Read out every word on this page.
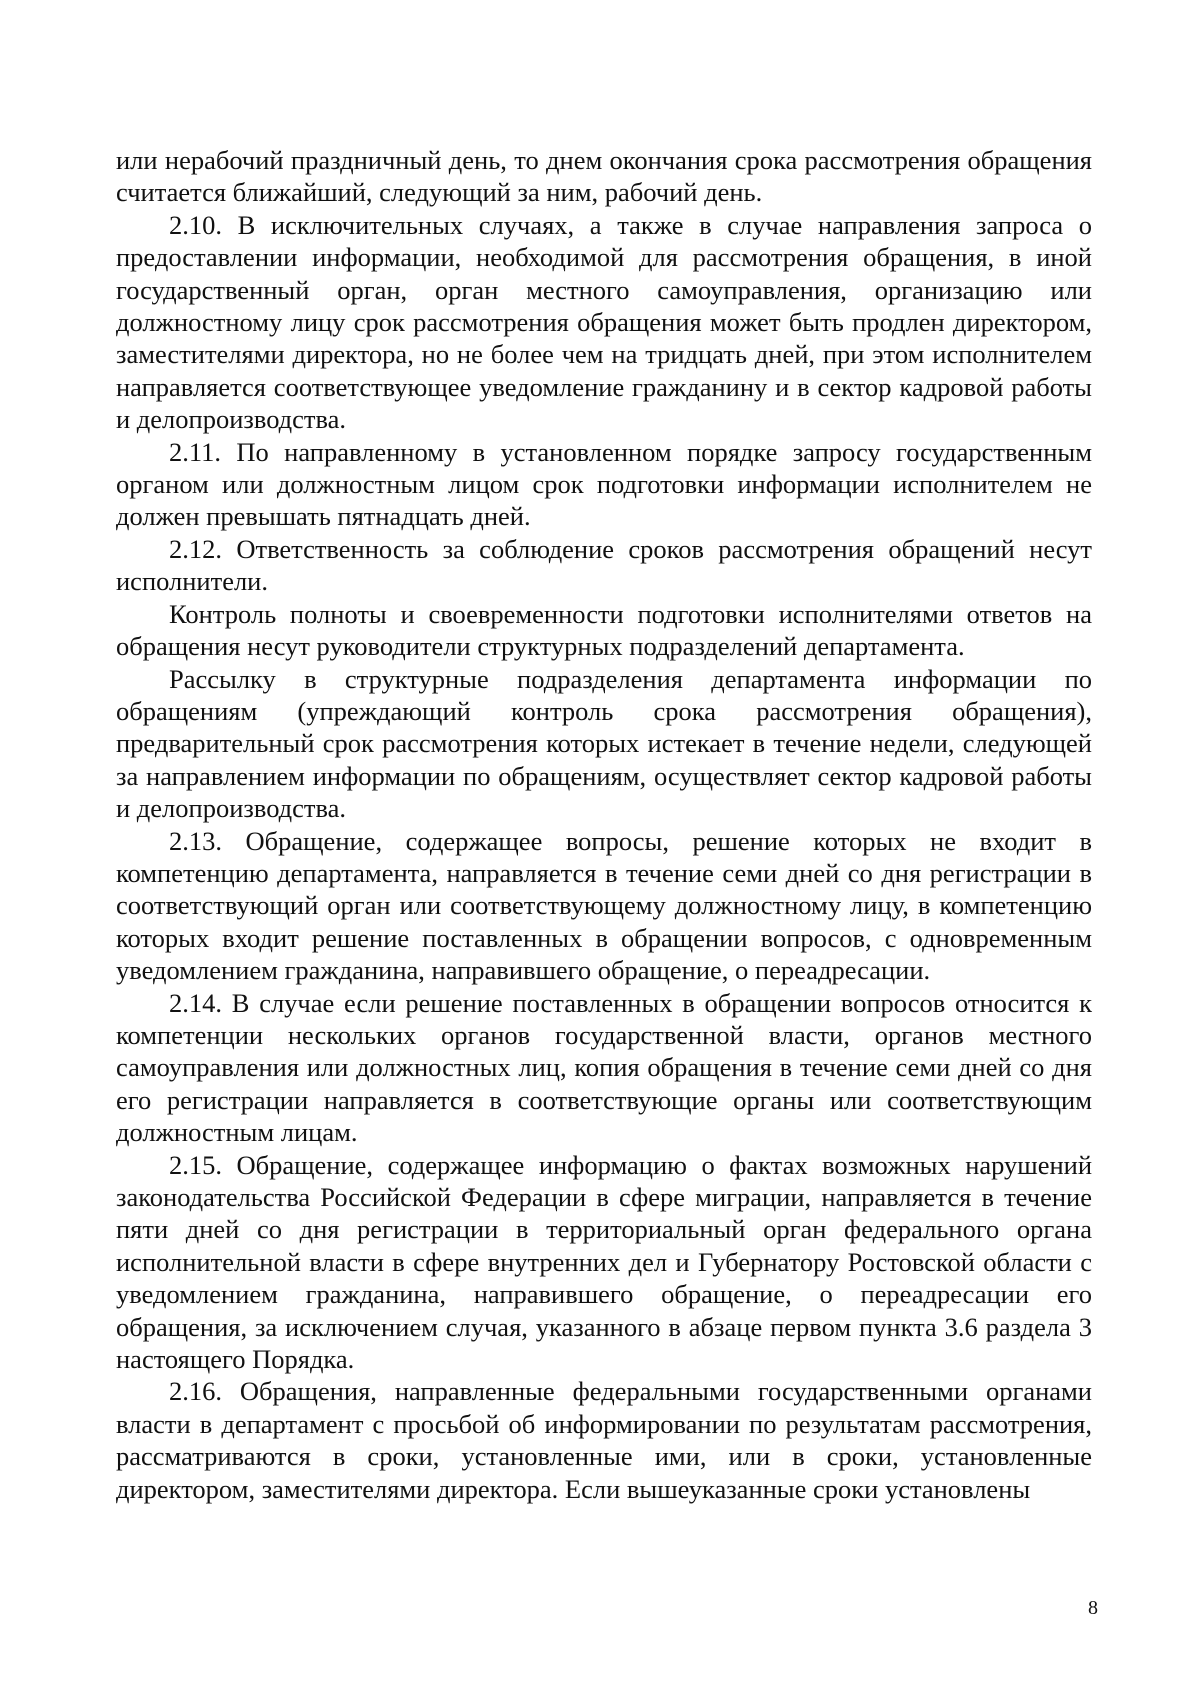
или нерабочий праздничный день, то днем окончания срока рассмотрения обращения считается ближайший, следующий за ним, рабочий день.

2.10. В исключительных случаях, а также в случае направления запроса о предоставлении информации, необходимой для рассмотрения обращения, в иной государственный орган, орган местного самоуправления, организацию или должностному лицу срок рассмотрения обращения может быть продлен директором, заместителями директора, но не более чем на тридцать дней, при этом исполнителем направляется соответствующее уведомление гражданину и в сектор кадровой работы и делопроизводства.

2.11. По направленному в установленном порядке запросу государственным органом или должностным лицом срок подготовки информации исполнителем не должен превышать пятнадцать дней.

2.12. Ответственность за соблюдение сроков рассмотрения обращений несут исполнители.

Контроль полноты и своевременности подготовки исполнителями ответов на обращения несут руководители структурных подразделений департамента.

Рассылку в структурные подразделения департамента информации по обращениям (упреждающий контроль срока рассмотрения обращения), предварительный срок рассмотрения которых истекает в течение недели, следующей за направлением информации по обращениям, осуществляет сектор кадровой работы и делопроизводства.

2.13. Обращение, содержащее вопросы, решение которых не входит в компетенцию департамента, направляется в течение семи дней со дня регистрации в соответствующий орган или соответствующему должностному лицу, в компетенцию которых входит решение поставленных в обращении вопросов, с одновременным уведомлением гражданина, направившего обращение, о переадресации.

2.14. В случае если решение поставленных в обращении вопросов относится к компетенции нескольких органов государственной власти, органов местного самоуправления или должностных лиц, копия обращения в течение семи дней со дня его регистрации направляется в соответствующие органы или соответствующим должностным лицам.

2.15. Обращение, содержащее информацию о фактах возможных нарушений законодательства Российской Федерации в сфере миграции, направляется в течение пяти дней со дня регистрации в территориальный орган федерального органа исполнительной власти в сфере внутренних дел и Губернатору Ростовской области с уведомлением гражданина, направившего обращение, о переадресации его обращения, за исключением случая, указанного в абзаце первом пункта 3.6 раздела 3 настоящего Порядка.

2.16. Обращения, направленные федеральными государственными органами власти в департамент с просьбой об информировании по результатам рассмотрения, рассматриваются в сроки, установленные ими, или в сроки, установленные директором, заместителями директора. Если вышеуказанные сроки установлены

8
